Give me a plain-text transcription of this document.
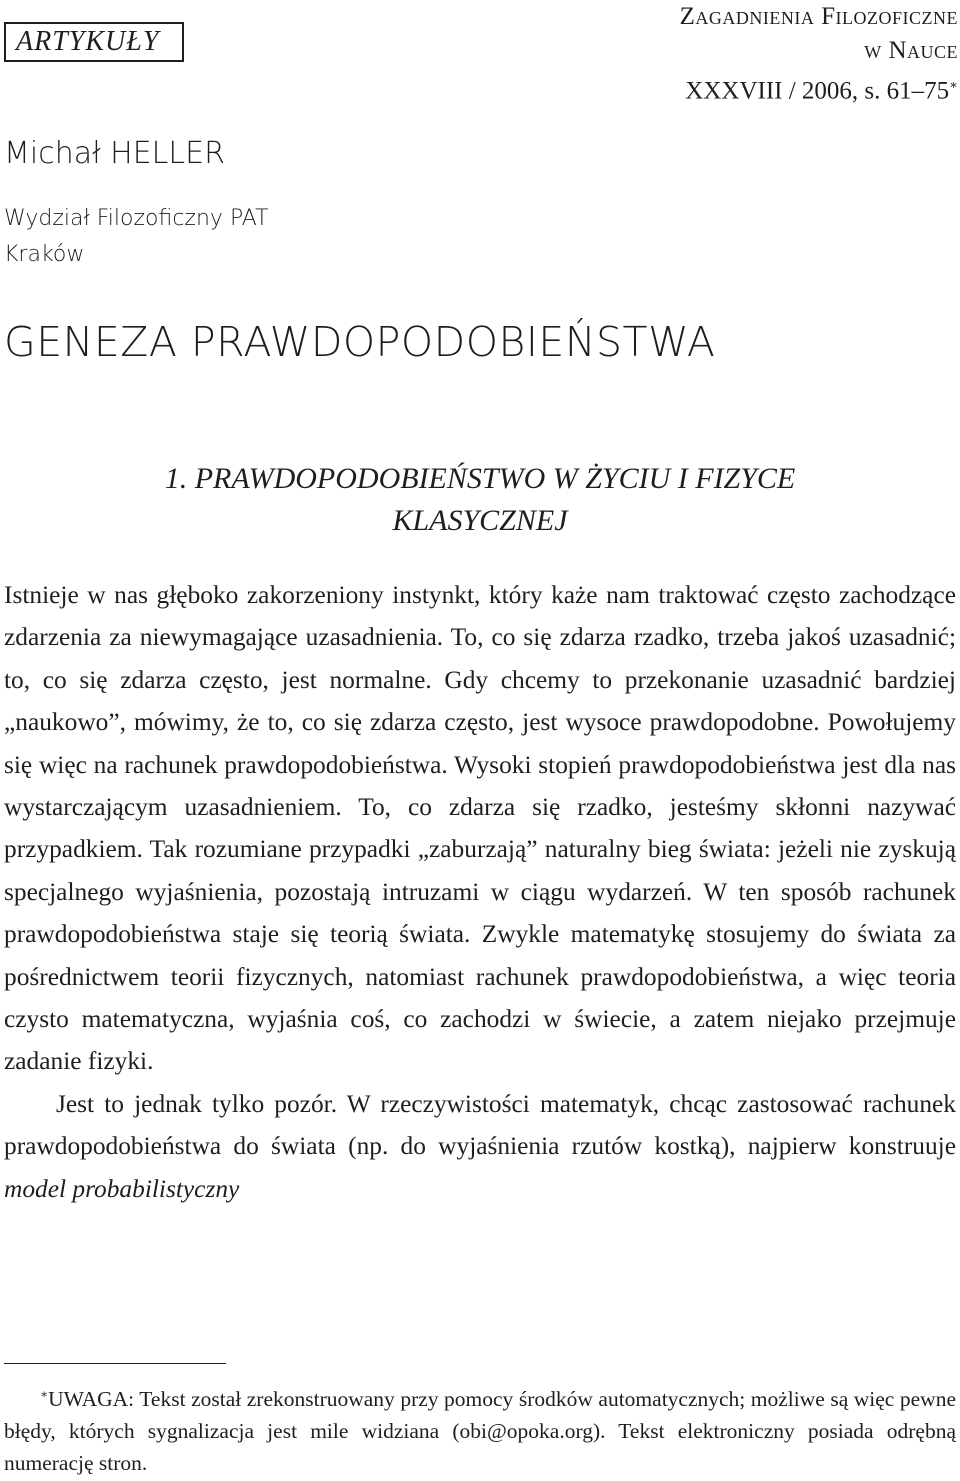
ARTYKUŁY
Zagadnienia Filozoficzne
w Nauce
XXXVIII / 2006, s. 61–75∗
Michał HELLER
Wydział Filozoficzny PAT
Kraków
GENEZA PRAWDOPODOBIEŃSTWA
1. PRAWDOPODOBIEŃSTWO W ŻYCIU I FIZYCE
KLASYCZNEJ

Istnieje w nas głęboko zakorzeniony instynkt, który każe nam traktować często zachodzące zdarzenia za niewymagające uzasadnienia. To, co się zdarza rzadko, trzeba jakoś uzasadnić; to, co się zdarza często, jest normalne. Gdy chcemy to przekonanie uzasadnić bardziej „naukowo”, mówimy, że to, co się zdarza często, jest wysoce prawdopodobne. Powołujemy się więc na rachunek prawdopodobieństwa. Wysoki stopień prawdopodobieństwa jest dla nas wystarczającym uzasadnieniem. To, co zdarza się rzadko, jesteśmy skłonni nazywać przypadkiem. Tak rozumiane przypadki „zaburzają” naturalny bieg świata: jeżeli nie zyskują specjalnego wyjaśnienia, pozostają intruzami w ciągu wydarzeń. W ten sposób rachunek prawdopodobieństwa staje się teorią świata. Zwykle matematykę stosujemy do świata za pośrednictwem teorii fizycznych, natomiast rachunek prawdopodobieństwa, a więc teoria czysto matematyczna, wyjaśnia coś, co zachodzi w świecie, a zatem niejako przejmuje zadanie fizyki.

Jest to jednak tylko pozór. W rzeczywistości matematyk, chcąc zastosować rachunek prawdopodobieństwa do świata (np. do wyjaśnienia rzutów kostką), najpierw konstruuje model probabilistyczny

∗UWAGA: Tekst został zrekonstruowany przy pomocy środków automatycznych; możliwe są więc pewne błędy, których sygnalizacja jest mile widziana (obi@opoka.org). Tekst elektroniczny posiada odrębną numerację stron.
